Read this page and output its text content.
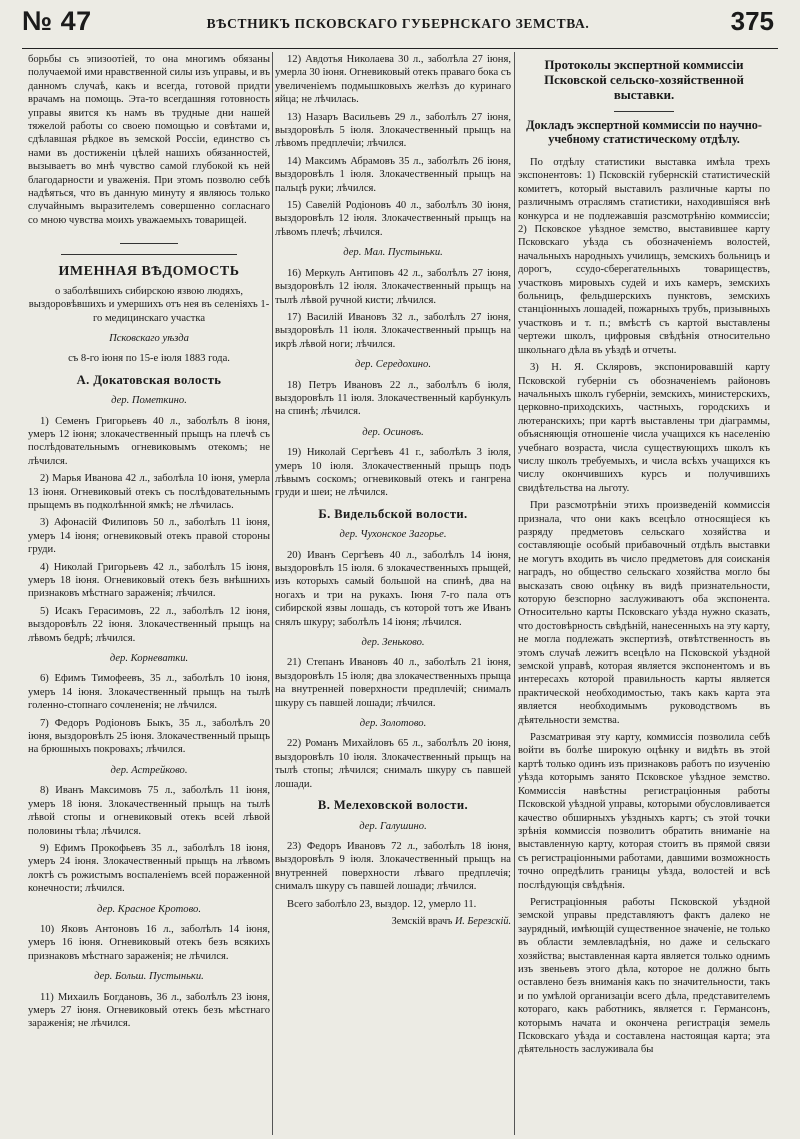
№ 47	ВѢСТНИКЪ ПСКОВСКАГО ГУБЕРНСКАГО ЗЕМСТВА.	375

борьбы съ эпизоотіей, то она многимъ обязаны получаемой ими нравственной силы изъ управы, и въ данномъ случаѣ, какъ и всегда, готовой придти врачамъ на помощь. Эта-то всегдашняя готовность управы явится къ намъ въ трудные дни нашей тяжелой работы со своею помощью и совѣтами и, сдѣлавшая рѣдкое въ земской Россіи, единство съ нами въ достиженіи цѣлей нашихъ обязанностей, вызываетъ во мнѣ чувство самой глубокой къ ней благодарности и уваженія. При этомъ позволю себѣ надѣяться, что въ данную минуту я являюсь только случайнымъ выразителемъ совершенно согласнаго со мною чувства моихъ уважаемыхъ товарищей.

ИМЕННАЯ ВѢДОМОСТЬ

о заболѣвшихъ сибирскою язвою людяхъ, выздоровѣвшихъ и умершихъ отъ нея въ селеніяхъ 1-го медицинскаго участка

Псковскаго уѣзда

съ 8-го іюня по 15-е іюля 1883 года.

А. Докатовская волость
дер. Пометкино.

1) Семенъ Григорьевъ 40 л., заболѣлъ 8 іюня, умеръ 12 іюня; злокачественный прыщъ на плечѣ съ послѣдовательнымъ огневиковымъ отекомъ; не лѣчился.

2) Марья Иванова 42 л., заболѣла 10 іюня, умерла 13 іюня. Огневиковый отекъ съ послѣдовательнымъ прыщемъ въ подколѣнной ямкѣ; не лѣчилась.

3) Афонасій Филиповъ 50 л., заболѣлъ 11 іюня, умеръ 14 іюня; огневиковый отекъ правой стороны груди.

4) Николай Григорьевъ 42 л., заболѣлъ 15 іюня, умеръ 18 іюня. Огневиковый отекъ безъ внѣшнихъ признаковъ мѣстнаго зараженія; лѣчился.

5) Исакъ Герасимовъ, 22 л., заболѣлъ 12 іюня, выздоровѣлъ 22 іюня. Злокачественный прыщъ на лѣвомъ бедрѣ; лѣчился.

дер. Корневатки.

6) Ефимъ Тимофеевъ, 35 л., заболѣлъ 10 іюня, умеръ 14 іюня. Злокачественный прыщъ на тылѣ голенно-стопнаго сочлененія; не лѣчился.

7) Федоръ Родіоновъ Быкъ, 35 л., заболѣлъ 20 іюня, выздоровѣлъ 25 іюня. Злокачественный прыщъ на брюшныхъ покровахъ; лѣчился.

дер. Астрейково.

8) Иванъ Максимовъ 75 л., заболѣлъ 11 іюня, умеръ 18 іюня. Злокачественный прыщъ на тылѣ лѣвой стопы и огневиковый отекъ всей лѣвой половины тѣла; лѣчился.

9) Ефимъ Прокофьевъ 35 л., заболѣлъ 18 іюня, умеръ 24 іюня. Злокачественный прыщъ на лѣвомъ локтѣ съ рожистымъ воспаленіемъ всей пораженной конечности; лѣчился.

дер. Красное Кротово.

10) Яковъ Антоновъ 16 л., заболѣлъ 14 іюня, умеръ 16 іюня. Огневиковый отекъ безъ всякихъ признаковъ мѣстнаго зараженія; не лѣчился.

дер. Больш. Пустыньки.

11) Михаилъ Богдановъ, 36 л., заболѣлъ 23 іюня, умеръ 27 іюня. Огневиковый отекъ безъ мѣстнаго зараженія; не лѣчился.

12) Авдотья Николаева 30 л., заболѣла 27 іюня, умерла 30 іюня. Огневиковый отекъ праваго бока съ увеличеніемъ подмышковыхъ желѣзъ до куринаго яйца; не лѣчилась.

13) Назаръ Васильевъ 29 л., заболѣлъ 27 іюня, выздоровѣлъ 5 іюля. Злокачественный прыщъ на лѣвомъ предплечіи; лѣчился.

14) Максимъ Абрамовъ 35 л., заболѣлъ 26 іюня, выздоровѣлъ 1 іюля. Злокачественный прыщъ на пальцѣ руки; лѣчился.

15) Савелій Родіоновъ 40 л., заболѣлъ 30 іюня, выздоровѣлъ 12 іюля. Злокачественный прыщъ на лѣвомъ плечѣ; лѣчился.

дер. Мал. Пустыньки.

16) Меркулъ Антиповъ 42 л., заболѣлъ 27 іюня, выздоровѣлъ 12 іюля. Злокачественный прыщъ на тылѣ лѣвой ручной кисти; лѣчился.

17) Василій Ивановъ 32 л., заболѣлъ 27 іюня, выздоровѣлъ 11 іюля. Злокачественный прыщъ на икрѣ лѣвой ноги; лѣчился.

дер. Середохино.

18) Петръ Ивановъ 22 л., заболѣлъ 6 іюля, выздоровѣлъ 11 іюля. Злокачественный карбункулъ на спинѣ; лѣчился.

дер. Осиновъ.

19) Николай Сергѣевъ 41 г., заболѣлъ 3 іюля, умеръ 10 іюля. Злокачественный прыщъ подъ лѣвымъ соскомъ; огневиковый отекъ и гангрена груди и шеи; не лѣчился.

Б. Видельбской волости.
дер. Чухонское Загорье.

20) Иванъ Сергѣевъ 40 л., заболѣлъ 14 іюня, выздоровѣлъ 15 іюля. 6 злокачественныхъ прыщей, изъ которыхъ самый большой на спинѣ, два на ногахъ и три на рукахъ. Іюня 7-го пала отъ сибирской язвы лошадь, съ которой тотъ же Иванъ снялъ шкуру; заболѣлъ 14 іюня; лѣчился.

дер. Зеньково.

21) Степанъ Ивановъ 40 л., заболѣлъ 21 іюня, выздоровѣлъ 15 іюля; два злокачественныхъ прыща на внутренней поверхности предплечій; снималъ шкуру съ павшей лошади; лѣчился.

дер. Золотово.

22) Романъ Михайловъ 65 л., заболѣлъ 20 іюня, выздоровѣлъ 10 іюля. Злокачественный прыщъ на тылѣ стопы; лѣчился; снималъ шкуру съ павшей лошади.

В. Мелеховской волости.
дер. Галушино.

23) Федоръ Ивановъ 72 л., заболѣлъ 18 іюня, выздоровѣлъ 9 іюля. Злокачественный прыщъ на внутренней поверхности лѣваго предплечія; снималъ шкуру съ павшей лошади; лѣчился.

Всего заболѣло 23, выздор. 12, умерло 11.

Земскій врачъ И. Березскій.

Протоколы экспертной коммиссіи Псковской сельско-хозяйственной выставки.
Докладъ экспертной коммиссіи по научно-учебному статистическому отдѣлу.

По отдѣлу статистики выставка имѣла трехъ экспонентовъ: 1) Псковскій губернскій статистическій комитетъ, который выставилъ различные карты по различнымъ отраслямъ статистики, находившіяся внѣ конкурса и не подлежавшія разсмотрѣнію коммиссіи; 2) Псковское уѣздное земство, выставившее карту Псковскаго уѣзда съ обозначеніемъ волостей, начальныхъ народныхъ училищъ, земскихъ больницъ и дорогъ, ссудо-сберегательныхъ товариществъ, участковъ мировыхъ судей и ихъ камеръ, земскихъ больницъ, фельдшерскихъ пунктовъ, земскихъ станціонныхъ лошадей, пожарныхъ трубъ, призывныхъ участковъ и т. п.; вмѣстѣ съ картой выставлены чертежи школъ, цифровыя свѣдѣнія относительно школьнаго дѣла въ уѣздѣ и отчеты.

3) Н. Я. Скляровъ, экспонировавшій карту Псковской губерніи съ обозначеніемъ районовъ начальныхъ школъ губерніи, земскихъ, министерскихъ, церковно-приходскихъ, частныхъ, городскихъ и лютеранскихъ; при картѣ выставлены три діаграммы, объясняющія отношеніе числа учащихся къ населенію учебнаго возраста, числа существующихъ школъ къ числу школъ требуемыхъ, и числа всѣхъ учащихся къ числу окончившихъ курсъ и получившихъ свидѣтельства на льготу.

При разсмотрѣніи этихъ произведеній коммиссія признала, что они какъ всецѣло относящіеся къ разряду предметовъ сельскаго хозяйства и составляющіе особый прибавочный отдѣлъ выставки не могутъ входить въ число предметовъ для соисканія наградъ, но общество сельскаго хозяйства могло бы высказать свою оцѣнку въ видѣ признательности, которую безспорно заслуживаютъ оба экспонента. Относительно карты Псковскаго уѣзда нужно сказать, что достовѣрность свѣдѣній, нанесенныхъ на эту карту, не могла подлежать экспертизѣ, отвѣтственность въ этомъ случаѣ лежитъ всецѣло на Псковской уѣздной земской управѣ, которая является экспонентомъ и въ интересахъ которой правильность карты является практической необходимостью, такъ какъ карта эта является необходимымъ руководствомъ въ дѣятельности земства.

Разсматривая эту карту, коммиссія позволила себѣ войти въ болѣе широкую оцѣнку и видѣть въ этой картѣ только одинъ изъ признаковъ работъ по изученію уѣзда которымъ занято Псковское уѣздное земство. Коммиссія навѣстны регистраціонныя работы Псковской уѣздной управы, которыми обусловливается качество обширныхъ уѣздныхъ картъ; съ этой точки зрѣнія коммиссія позволитъ обратить вниманіе на выставленную карту, которая стоитъ въ прямой связи съ регистраціонными работами, давшими возможность точно опредѣлить границы уѣзда, волостей и всѣ послѣдующія свѣдѣнія.

Регистраціонныя работы Псковской уѣздной земской управы представляютъ фактъ далеко не заурядный, имѣющій существенное значеніе, не только въ области землевладѣнія, но даже и сельскаго хозяйства; выставленная карта является только однимъ изъ звеньевъ этого дѣла, которое не должно быть оставлено безъ вниманія какъ по значительности, такъ и по умѣлой организаціи всего дѣла, представителемъ котораго, какъ работникъ, является г. Германсонъ, которымъ начата и окончена регистрація земель Псковскаго уѣзда и составлена настоящая карта; эта дѣятельность заслуживала бы
